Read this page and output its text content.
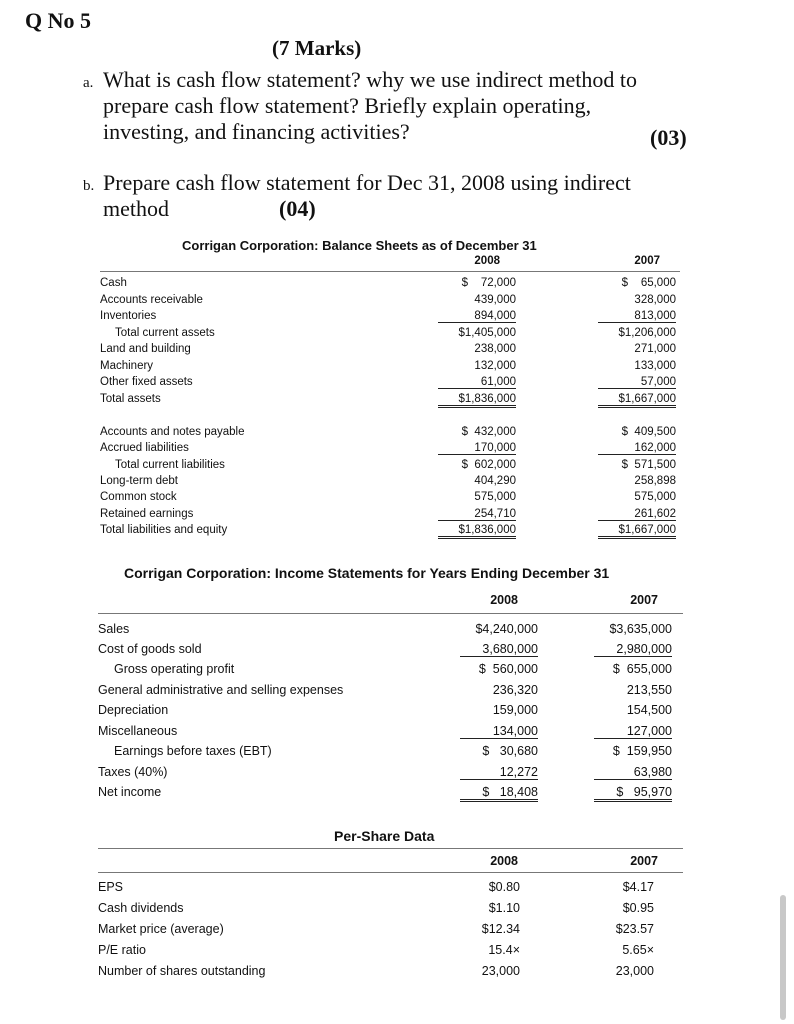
Q No 5
(7 Marks)
a. What is cash flow statement? why we use indirect method to
prepare cash flow statement? Briefly explain operating,
investing, and financing activities?	(03)
b. Prepare cash flow statement for Dec 31, 2008 using indirect
method	(04)
Corrigan Corporation: Balance Sheets as of December 31
2008	2007
Cash	$    72,000	$    65,000
Accounts receivable	439,000	328,000
Inventories	894,000	813,000
Total current assets	$1,405,000	$1,206,000
Land and building	238,000	271,000
Machinery	132,000	133,000
Other fixed assets	61,000	57,000
Total assets	$1,836,000	$1,667,000
Accounts and notes payable	$  432,000	$  409,500
Accrued liabilities	170,000	162,000
Total current liabilities	$  602,000	$  571,500
Long-term debt	404,290	258,898
Common stock	575,000	575,000
Retained earnings	254,710	261,602
Total liabilities and equity	$1,836,000	$1,667,000
Corrigan Corporation: Income Statements for Years Ending December 31
2008	2007
Sales	$4,240,000	$3,635,000
Cost of goods sold	3,680,000	2,980,000
Gross operating profit	$  560,000	$  655,000
General administrative and selling expenses	236,320	213,550
Depreciation	159,000	154,500
Miscellaneous	134,000	127,000
Earnings before taxes (EBT)	$   30,680	$  159,950
Taxes (40%)	12,272	63,980
Net income	$   18,408	$   95,970
Per-Share Data
2008	2007
EPS	$0.80	$4.17
Cash dividends	$1.10	$0.95
Market price (average)	$12.34	$23.57
P/E ratio	15.4×	5.65×
Number of shares outstanding	23,000	23,000
